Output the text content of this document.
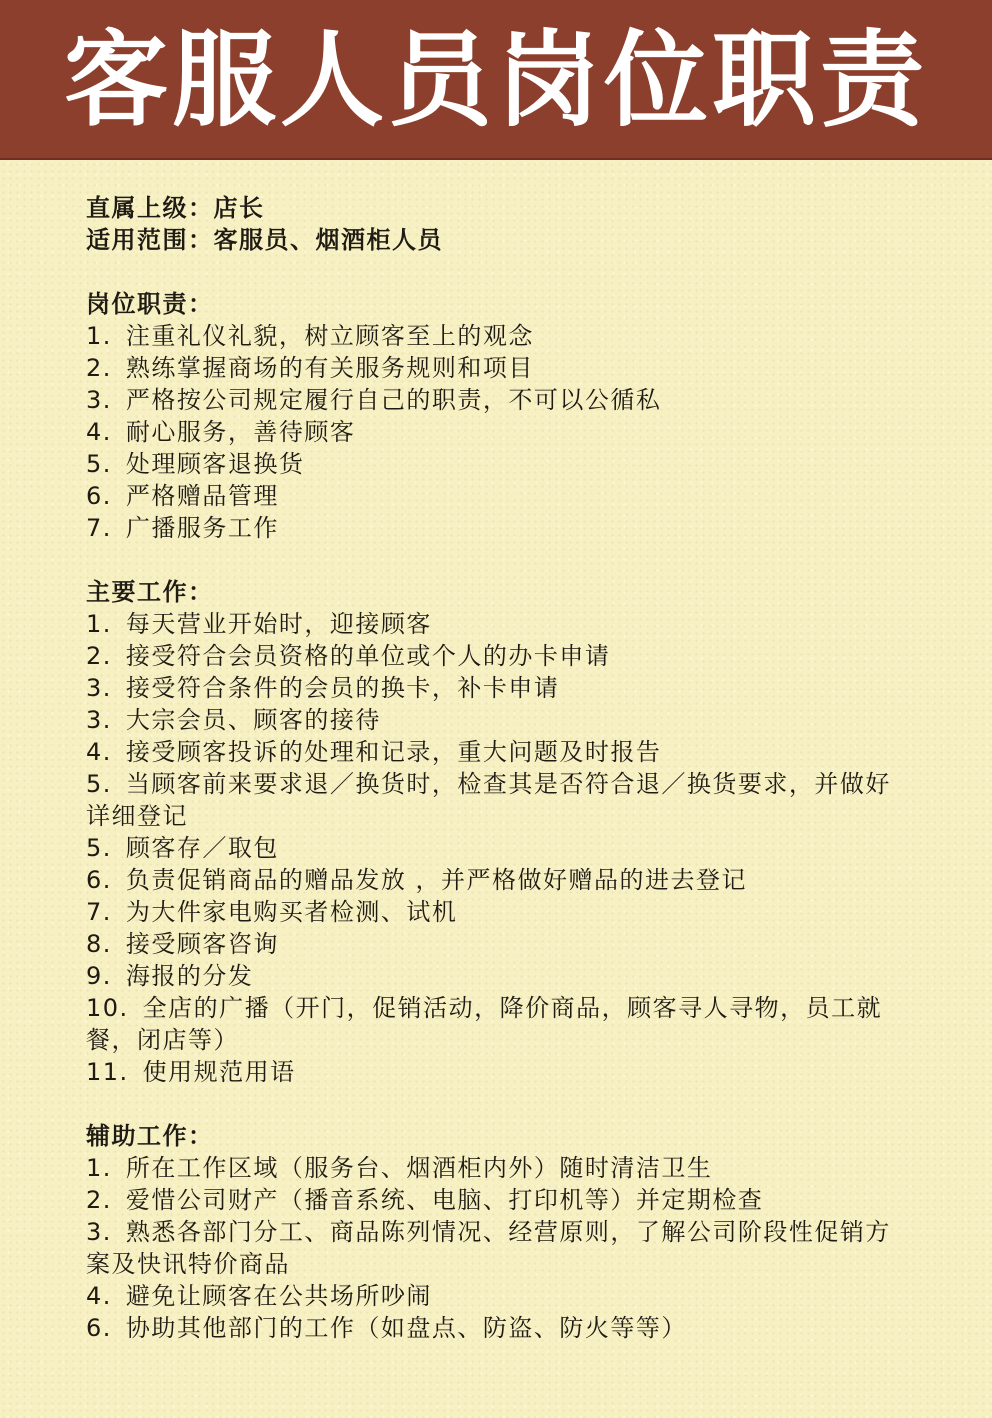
客服人员岗位职责
直属上级：店长
适用范围：客服员、烟酒柜人员
岗位职责：
1. 注重礼仪礼貌，树立顾客至上的观念
2. 熟练掌握商场的有关服务规则和项目
3. 严格按公司规定履行自己的职责，不可以公循私
4. 耐心服务，善待顾客
5. 处理顾客退换货
6. 严格赠品管理
7. 广播服务工作
主要工作：
1. 每天营业开始时，迎接顾客
2. 接受符合会员资格的单位或个人的办卡申请
3. 接受符合条件的会员的换卡，补卡申请
3. 大宗会员、顾客的接待
4. 接受顾客投诉的处理和记录，重大问题及时报告
5. 当顾客前来要求退／换货时，检查其是否符合退／换货要求，并做好详细登记
5. 顾客存／取包
6. 负责促销商品的赠品发放 ，并严格做好赠品的进去登记
7. 为大件家电购买者检测、试机
8. 接受顾客咨询
9. 海报的分发
10. 全店的广播（开门，促销活动，降价商品，顾客寻人寻物，员工就餐，闭店等）
11. 使用规范用语
辅助工作：
1. 所在工作区域（服务台、烟酒柜内外）随时清洁卫生
2. 爱惜公司财产（播音系统、电脑、打印机等）并定期检查
3. 熟悉各部门分工、商品陈列情况、经营原则，了解公司阶段性促销方案及快讯特价商品
4. 避免让顾客在公共场所吵闹
6. 协助其他部门的工作（如盘点、防盗、防火等等）
